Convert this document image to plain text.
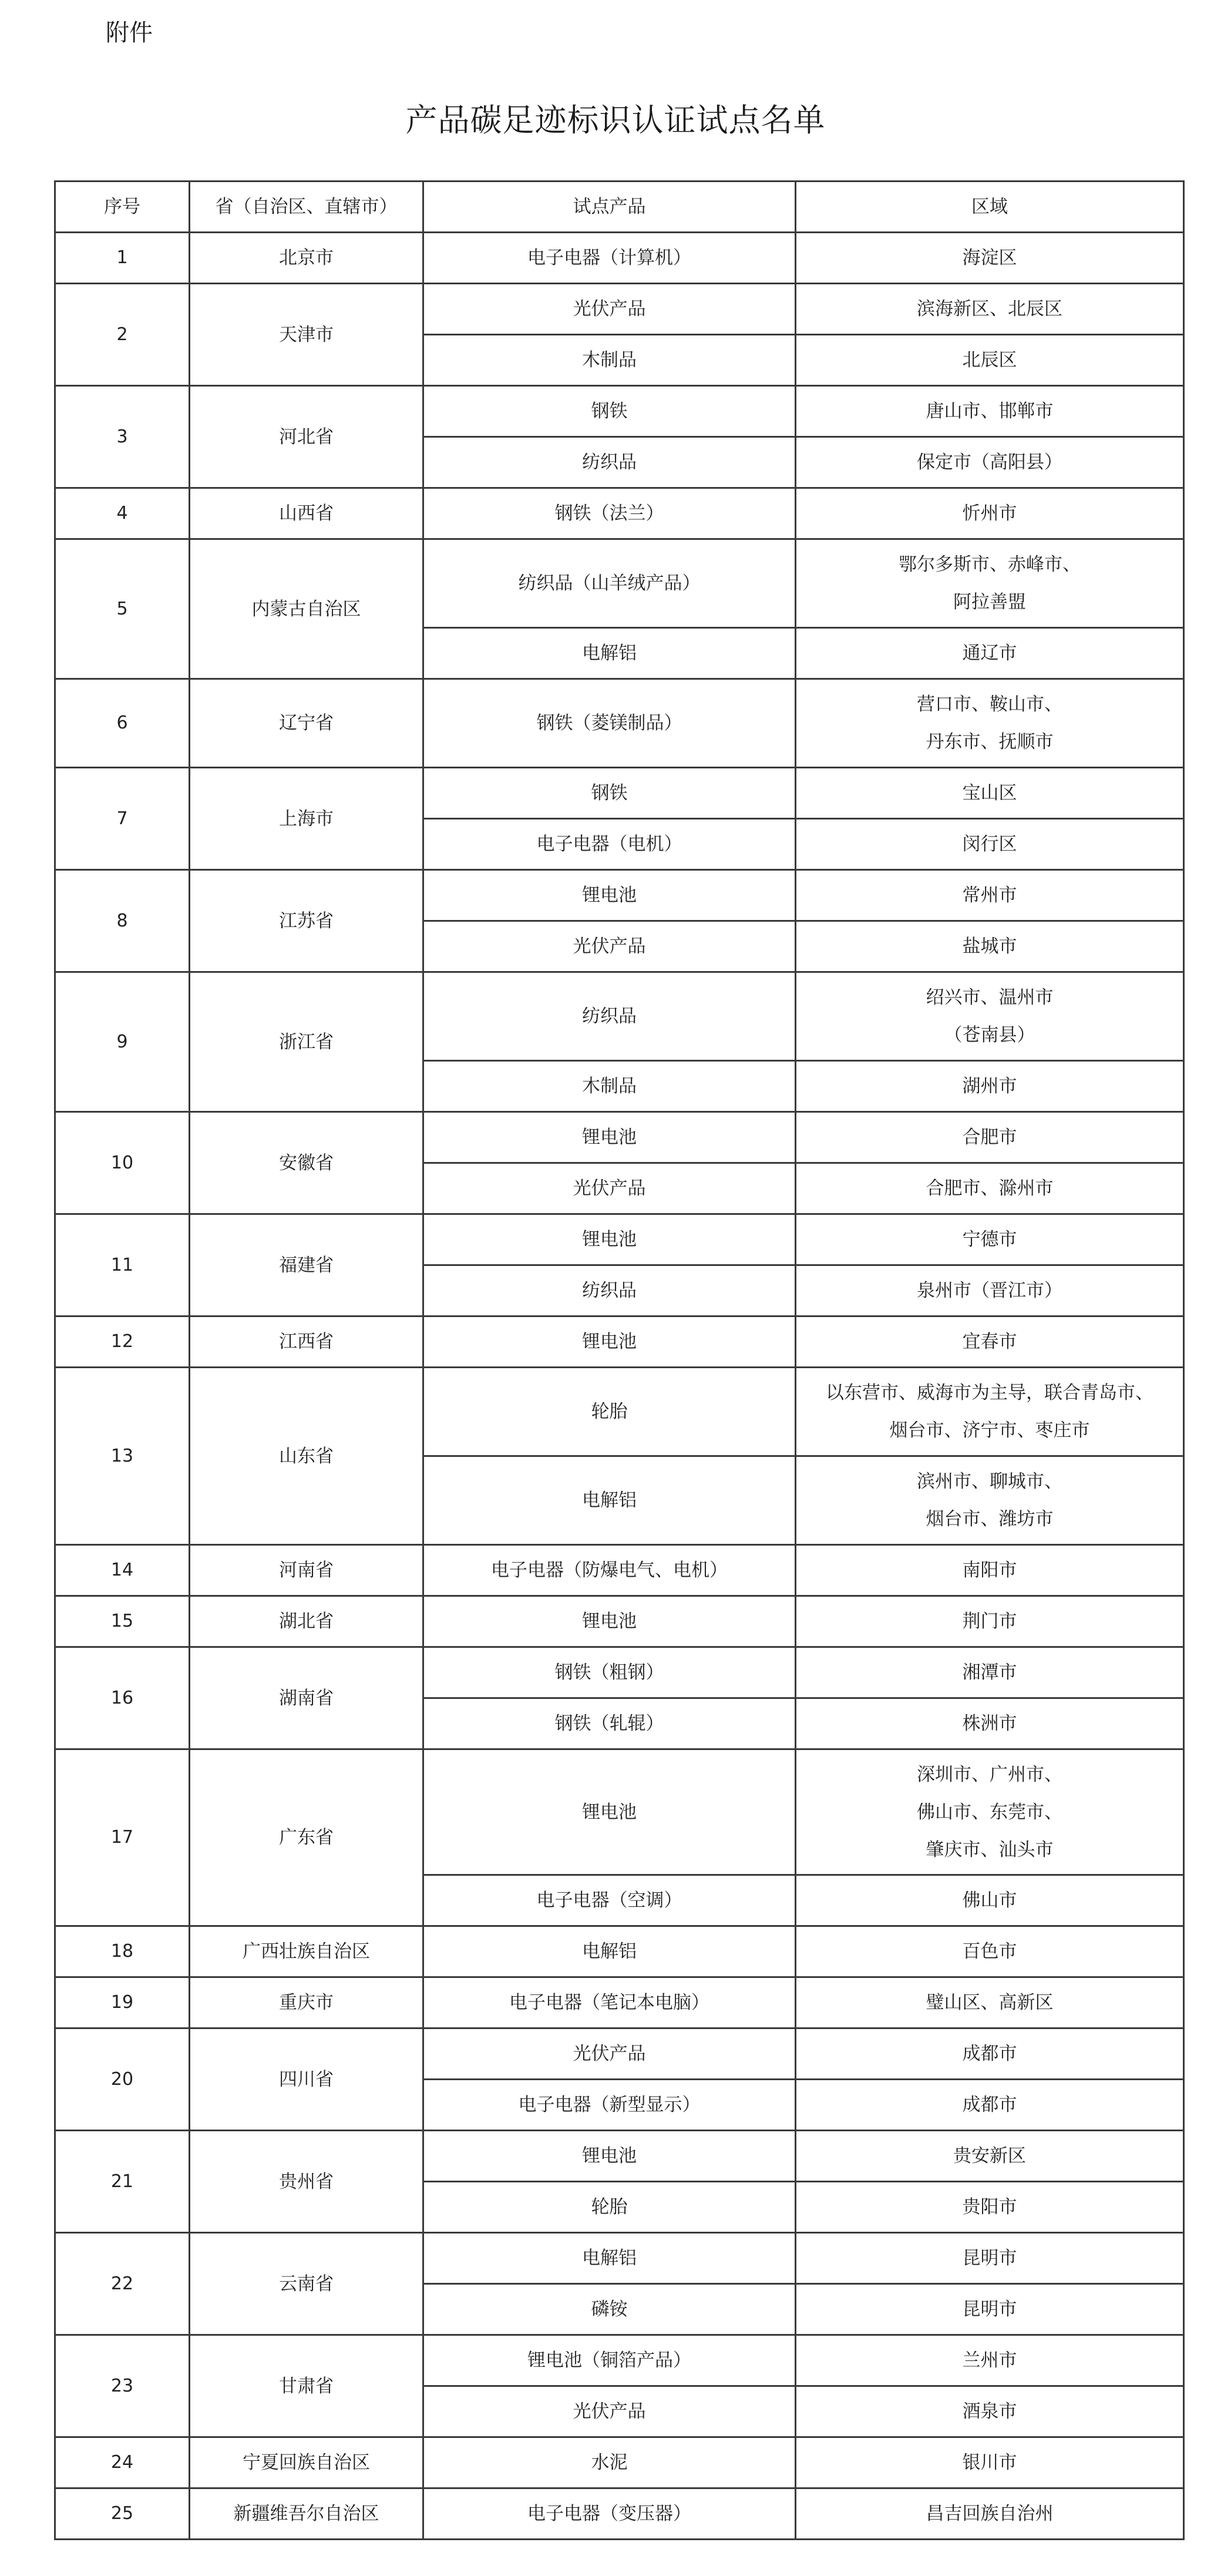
附件
产品碳足迹标识认证试点名单
序号	省（自治区、直辖市）	试点产品	区域
1	北京市	电子电器（计算机）	海淀区

2	天津市	光伏产品	滨海新区、北辰区

		木制品	北辰区

3	河北省	钢铁	唐山市、邯郸市

		纺织品	保定市（高阳县）

4	山西省	钢铁（法兰）	忻州市

5	内蒙古自治区	纺织品（山羊绒产品）	鄂尔多斯市、赤峰市、
阿拉善盟

		电解铝	通辽市

6	辽宁省	钢铁（菱镁制品）	营口市、鞍山市、
丹东市、抚顺市

7	上海市	钢铁	宝山区

		电子电器（电机）	闵行区

8	江苏省	锂电池	常州市

		光伏产品	盐城市

9	浙江省	纺织品	绍兴市、温州市
（苍南县）

		木制品	湖州市

10	安徽省	锂电池	合肥市

		光伏产品	合肥市、滁州市

11	福建省	锂电池	宁德市

		纺织品	泉州市（晋江市）

12	江西省	锂电池	宜春市

13	山东省	轮胎	以东营市、威海市为主导，联合青岛市、
烟台市、济宁市、枣庄市

		电解铝	滨州市、聊城市、
烟台市、潍坊市

14	河南省	电子电器（防爆电气、电机）	南阳市

15	湖北省	锂电池	荆门市

16	湖南省	钢铁（粗钢）	湘潭市

		钢铁（轧辊）	株洲市

17	广东省	锂电池	深圳市、广州市、
佛山市、东莞市、
肇庆市、汕头市

		电子电器（空调）	佛山市

18	广西壮族自治区	电解铝	百色市

19	重庆市	电子电器（笔记本电脑）	璧山区、高新区

20	四川省	光伏产品	成都市

		电子电器（新型显示）	成都市

21	贵州省	锂电池	贵安新区

		轮胎	贵阳市

22	云南省	电解铝	昆明市

		磷铵	昆明市

23	甘肃省	锂电池（铜箔产品）	兰州市

		光伏产品	酒泉市

24	宁夏回族自治区	水泥	银川市

25	新疆维吾尔自治区	电子电器（变压器）	昌吉回族自治州
